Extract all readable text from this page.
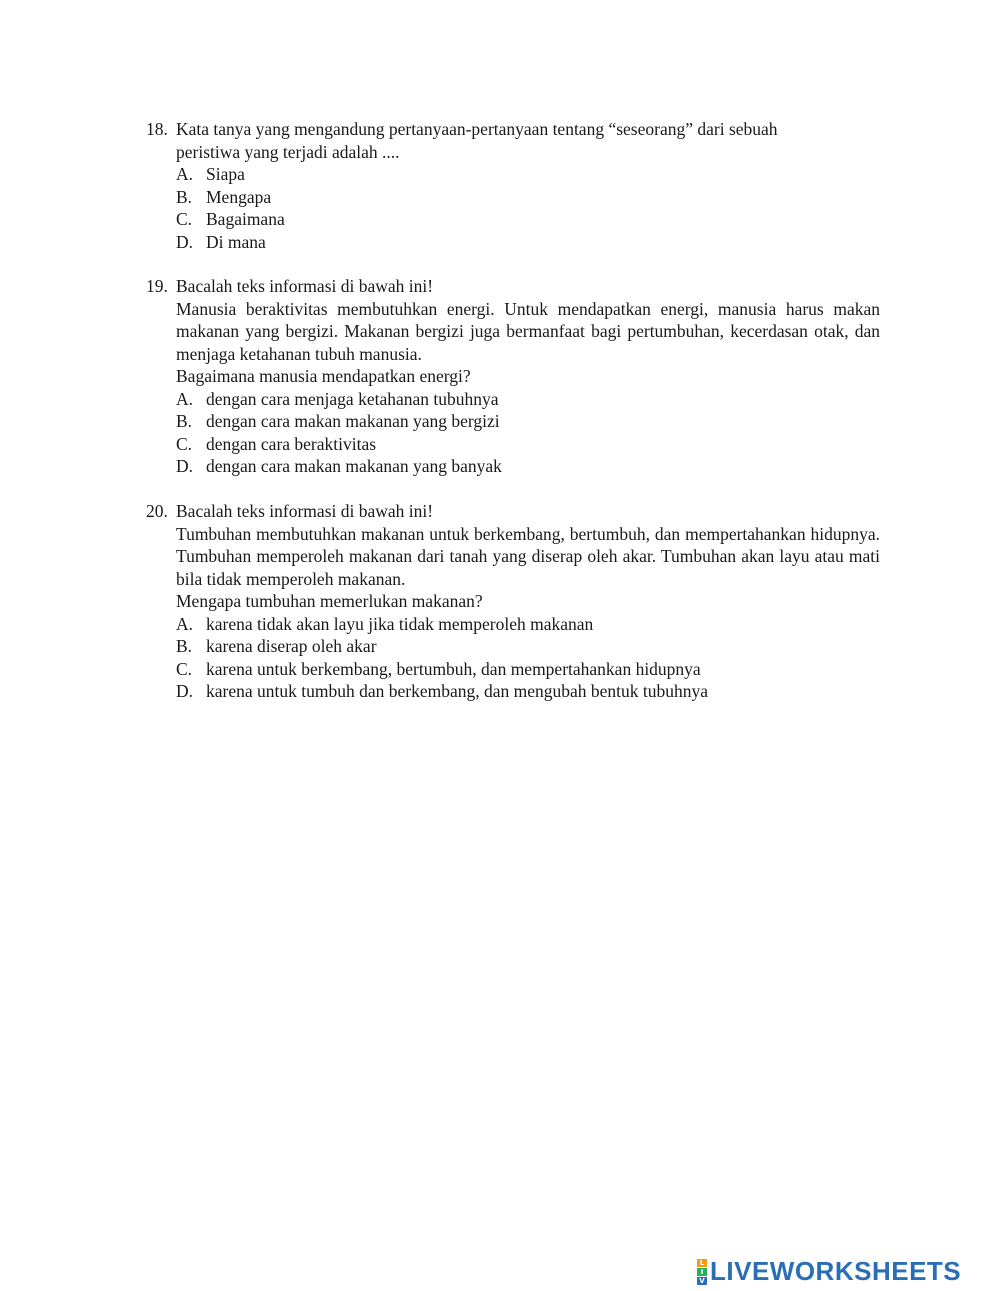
18. Kata tanya yang mengandung pertanyaan-pertanyaan tentang “seseorang” dari sebuah
peristiwa yang terjadi adalah ....
A. Siapa
B. Mengapa
C. Bagaimana
D. Di mana
19. Bacalah teks informasi di bawah ini!
Manusia beraktivitas membutuhkan energi. Untuk mendapatkan energi, manusia harus makan makanan yang bergizi. Makanan bergizi juga bermanfaat bagi pertumbuhan, kecerdasan otak, dan menjaga ketahanan tubuh manusia.
Bagaimana manusia mendapatkan energi?
A. dengan cara menjaga ketahanan tubuhnya
B. dengan cara makan makanan yang bergizi
C. dengan cara beraktivitas
D. dengan cara makan makanan yang banyak
20. Bacalah teks informasi di bawah ini!
Tumbuhan membutuhkan makanan untuk berkembang, bertumbuh, dan mempertahankan hidupnya. Tumbuhan memperoleh makanan dari tanah yang diserap oleh akar. Tumbuhan akan layu atau mati bila tidak memperoleh makanan.
Mengapa tumbuhan memerlukan makanan?
A. karena tidak akan layu jika tidak memperoleh makanan
B. karena diserap oleh akar
C. karena untuk berkembang, bertumbuh, dan mempertahankan hidupnya
D. karena untuk tumbuh dan berkembang, dan mengubah bentuk tubuhnya
L
I
V LIVEWORKSHEETS
